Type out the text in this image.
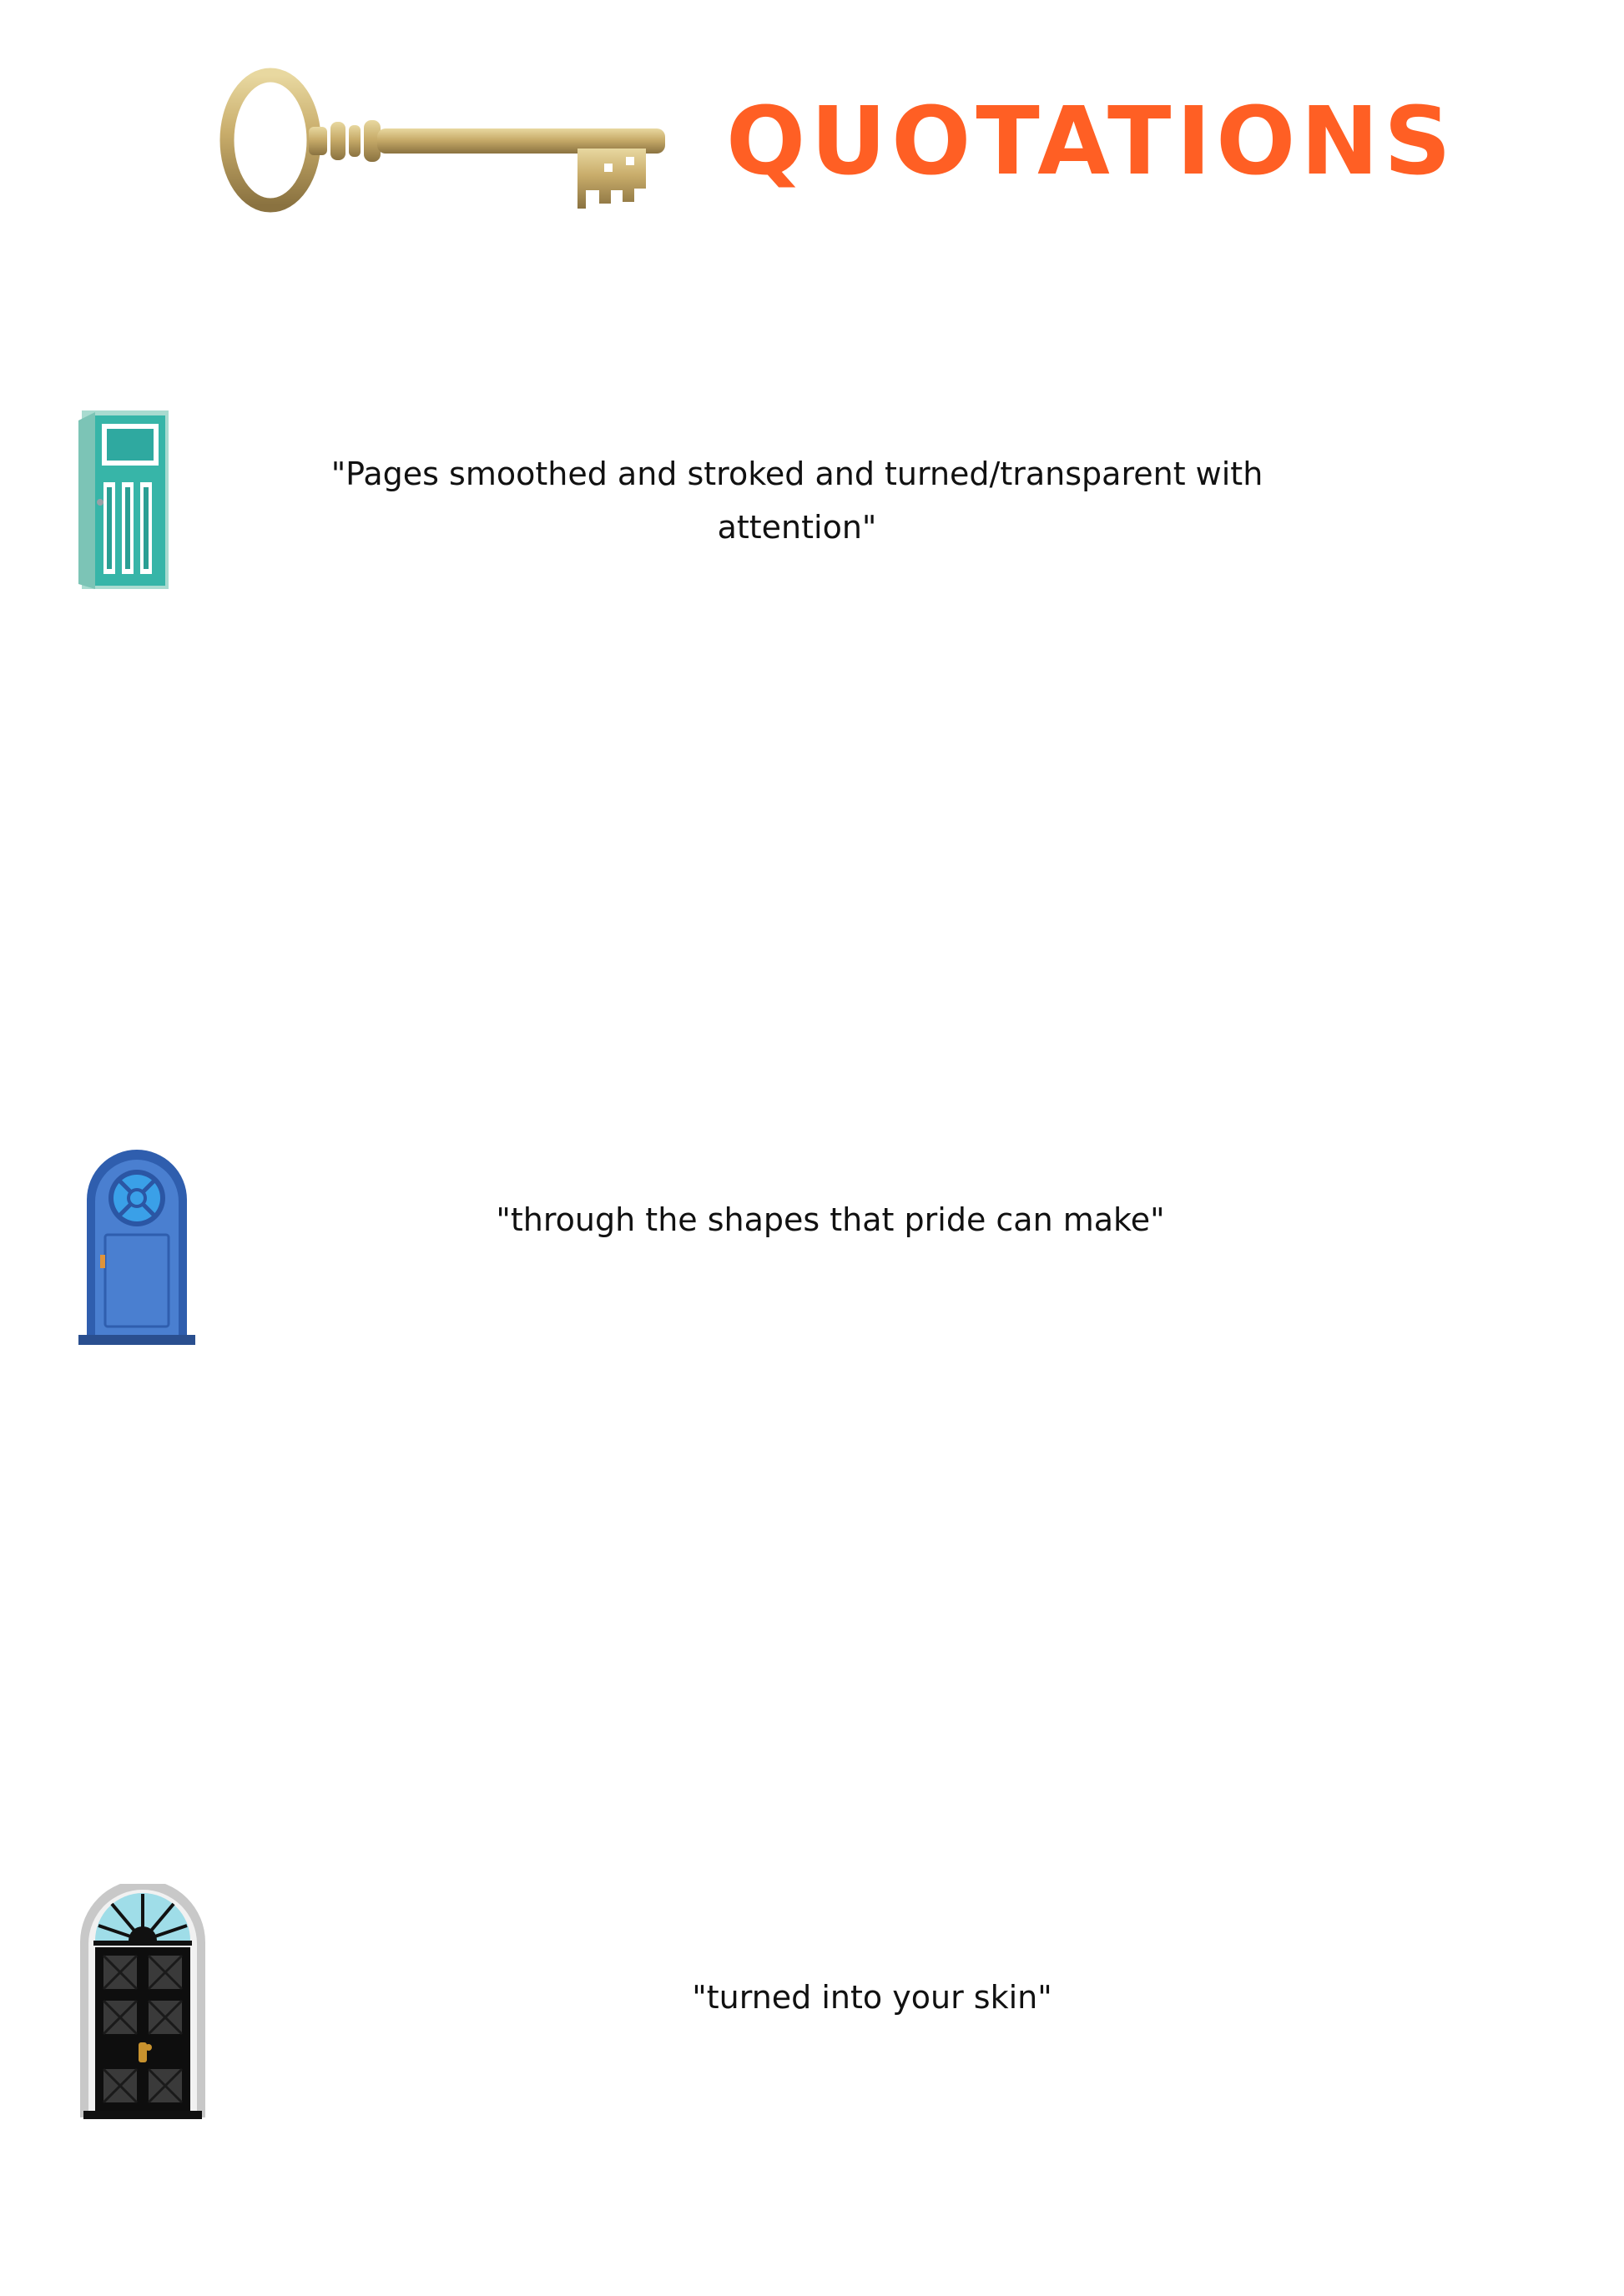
QUOTATIONS

"Pages smoothed and stroked and turned/transparent with attention"

"through the shapes that pride can make"

"turned into your skin"
